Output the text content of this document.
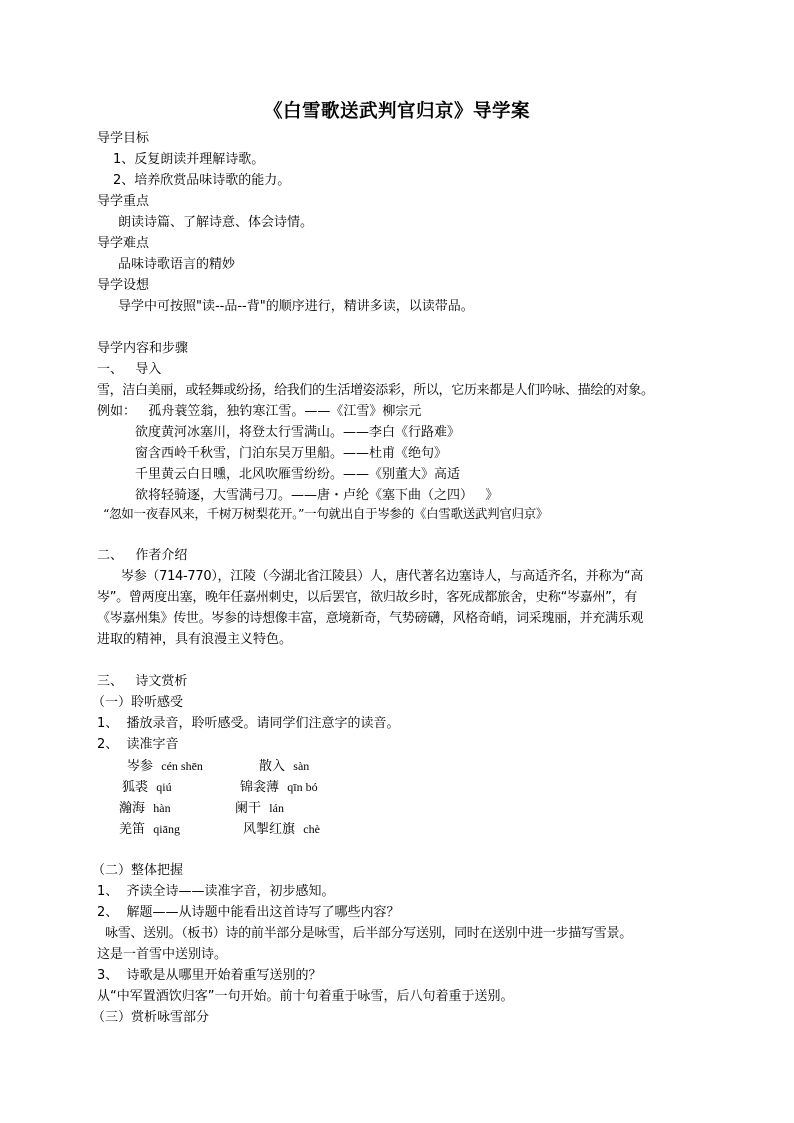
《白雪歌送武判官归京》导学案
导学目标
1、反复朗读并理解诗歌。
2、培养欣赏品味诗歌的能力。
导学重点
朗读诗篇、了解诗意、体会诗情。
导学难点
品味诗歌语言的精妙
导学设想
导学中可按照"读--品--背"的顺序进行，精讲多读，以读带品。
导学内容和步骤
一、   导入
雪，洁白美丽，或轻舞或纷扬，给我们的生活增姿添彩，所以，它历来都是人们吟咏、描绘的对象。
例如：   孤舟蓑笠翁，独钓寒江雪。——《江雪》柳宗元
欲度黄河冰塞川，将登太行雪满山。——李白《行路难》
窗含西岭千秋雪，门泊东吴万里船。——杜甫《绝句》
千里黄云白日曛，北风吹雁雪纷纷。——《别董大》高适
欲将轻骑逐，大雪满弓刀。——唐・卢纶《塞下曲（之四）   》
“忽如一夜春风来，千树万树梨花开。”一句就出自于岑参的《白雪歌送武判官归京》
二、   作者介绍
岑参（714-770），江陵（今湖北省江陵县）人，唐代著名边塞诗人，与高适齐名，并称为“高
岑”。曾两度出塞，晚年任嘉州刺史，以后罢官，欲归故乡时，客死成都旅舍，史称“岑嘉州”，有
《岑嘉州集》传世。岑参的诗想像丰富，意境新奇，气势磅礴，风格奇峭，词采瑰丽，并充满乐观
进取的精神，具有浪漫主义特色。
三、   诗文赏析
（一）聆听感受
1、  播放录音，聆听感受。请同学们注意字的读音。
2、  读准字音
岑参 cén shēn	散入 sàn
狐裘 qiú	锦衾薄 qīn bó
瀚海 hàn	阑干 lán
羌笛 qiāng	风掣红旗 chè
（二）整体把握
1、  齐读全诗——读准字音，初步感知。
2、  解题——从诗题中能看出这首诗写了哪些内容？
咏雪、送别。（板书）诗的前半部分是咏雪，后半部分写送别，同时在送别中进一步描写雪景。
这是一首雪中送别诗。
3、  诗歌是从哪里开始着重写送别的？
从“中军置酒饮归客”一句开始。前十句着重于咏雪，后八句着重于送别。
（三）赏析咏雪部分
